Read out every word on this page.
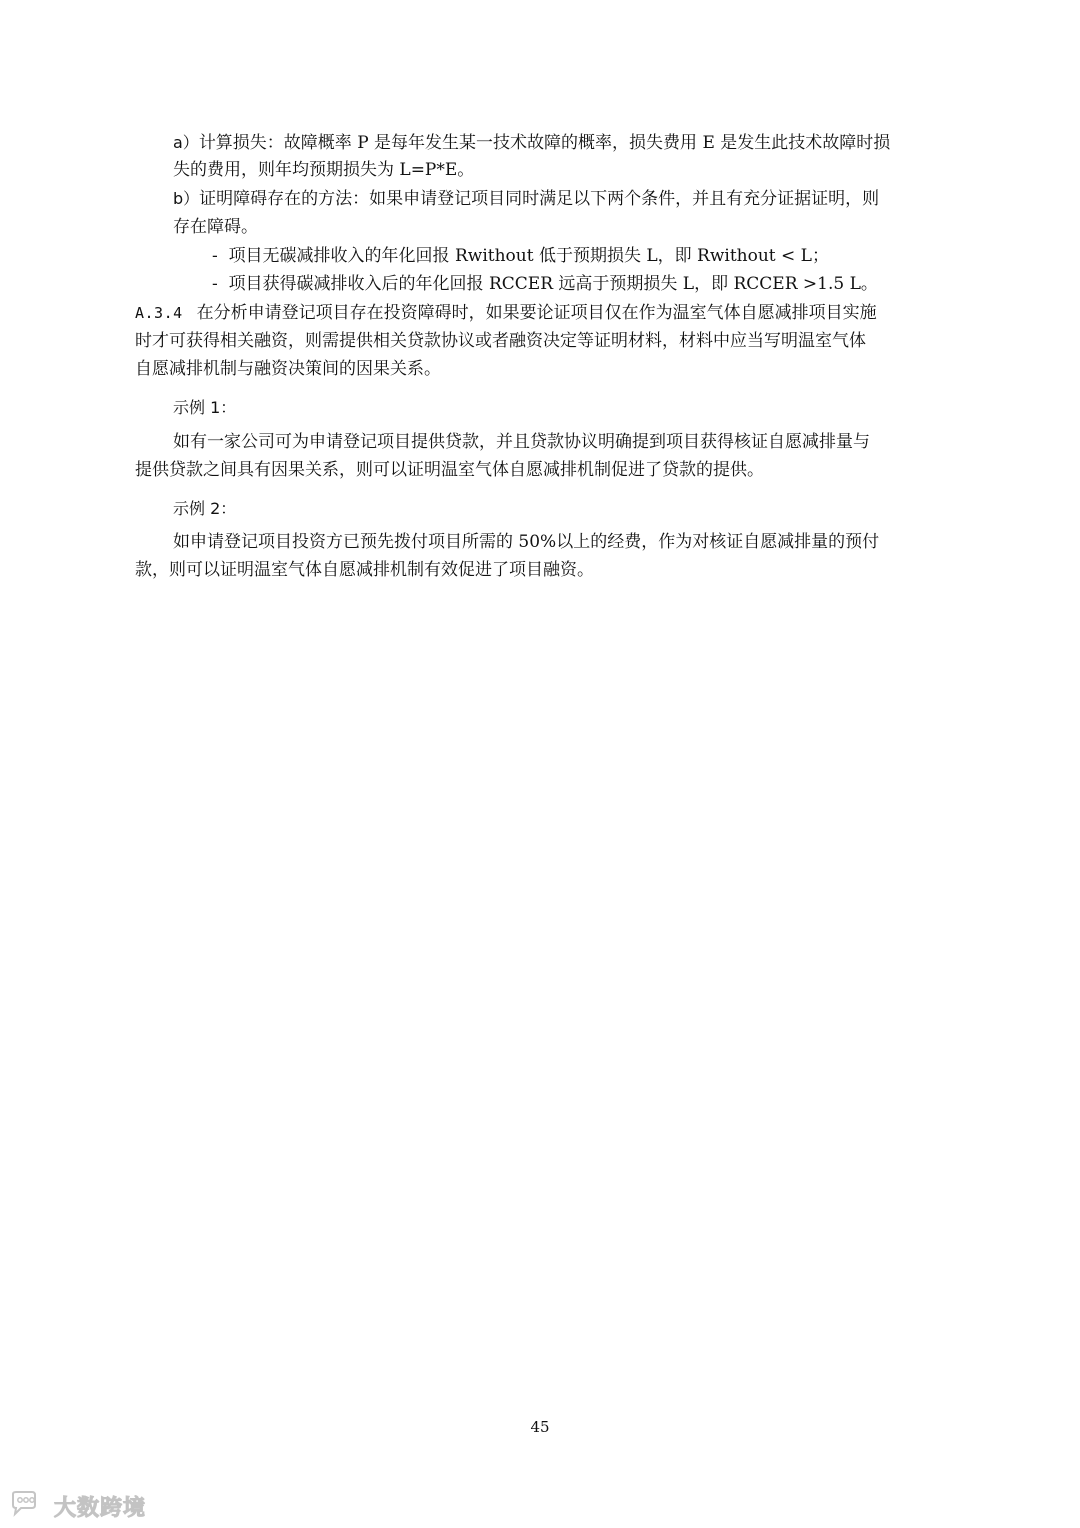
a）计算损失：故障概率 P 是每年发生某一技术故障的概率，损失费用 E 是发生此技术故障时损
失的费用，则年均预期损失为 L=P*E。
b）证明障碍存在的方法：如果申请登记项目同时满足以下两个条件，并且有充分证据证明，则
存在障碍。
- 项目无碳减排收入的年化回报 Rwithout 低于预期损失 L，即 Rwithout < L；
- 项目获得碳减排收入后的年化回报 RCCER 远高于预期损失 L，即 RCCER >1.5 L。
A.3.4 在分析申请登记项目存在投资障碍时，如果要论证项目仅在作为温室气体自愿减排项目实施
时才可获得相关融资，则需提供相关贷款协议或者融资决定等证明材料，材料中应当写明温室气体
自愿减排机制与融资决策间的因果关系。
示例 1：
如有一家公司可为申请登记项目提供贷款，并且贷款协议明确提到项目获得核证自愿减排量与
提供贷款之间具有因果关系，则可以证明温室气体自愿减排机制促进了贷款的提供。
示例 2：
如申请登记项目投资方已预先拨付项目所需的 50%以上的经费，作为对核证自愿减排量的预付
款，则可以证明温室气体自愿减排机制有效促进了项目融资。
45
大数跨境
